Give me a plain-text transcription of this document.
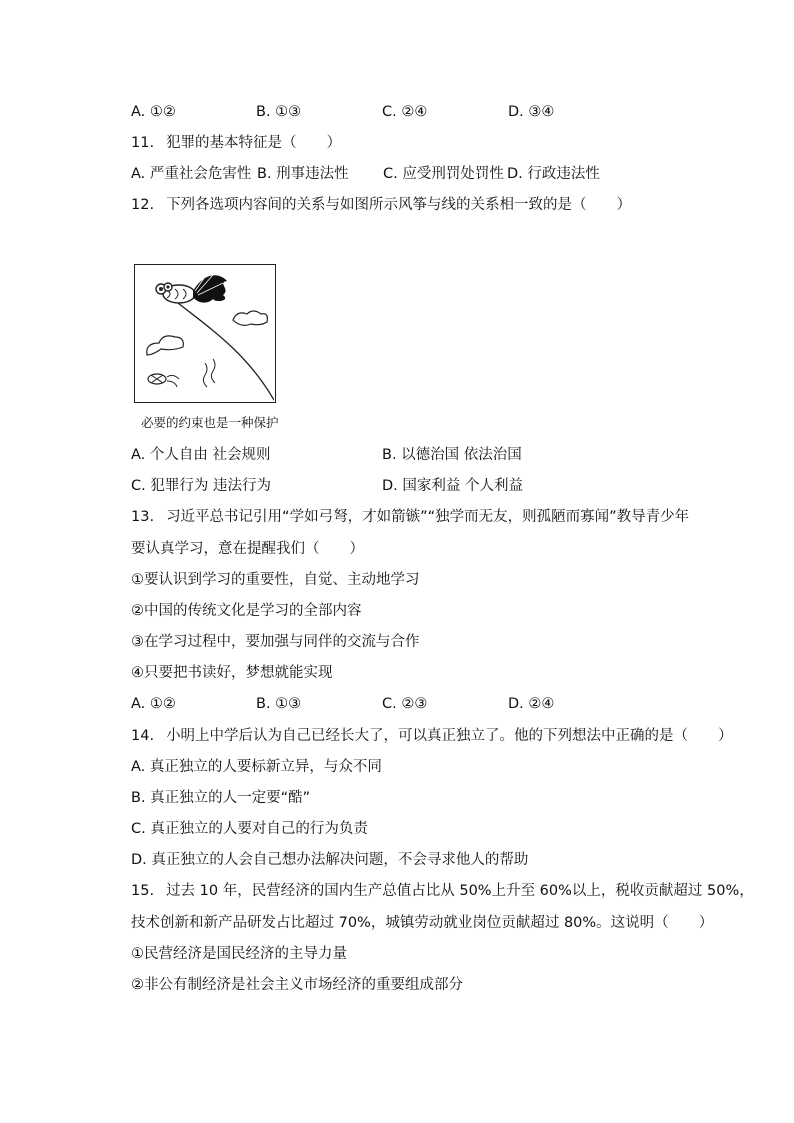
A. ①②	B. ①③	C. ②④	D. ③④
11. 犯罪的基本特征是（ ）
A. 严重社会危害性 B. 刑事违法性 C. 应受刑罚处罚性 D. 行政违法性
12. 下列各选项内容间的关系与如图所示风筝与线的关系相一致的是（ ）
必要的约束也是一种保护
A. 个人自由 社会规则	B. 以德治国 依法治国
C. 犯罪行为 违法行为	D. 国家利益 个人利益
13. 习近平总书记引用“学如弓弩，才如箭镞”“独学而无友，则孤陋而寡闻”教导青少年
要认真学习，意在提醒我们（ ）
①要认识到学习的重要性，自觉、主动地学习
②中国的传统文化是学习的全部内容
③在学习过程中，要加强与同伴的交流与合作
④只要把书读好，梦想就能实现
A. ①②	B. ①③	C. ②③	D. ②④
14. 小明上中学后认为自己已经长大了，可以真正独立了。他的下列想法中正确的是（ ）
A. 真正独立的人要标新立异，与众不同
B. 真正独立的人一定要“酷”
C. 真正独立的人要对自己的行为负责
D. 真正独立的人会自己想办法解决问题，不会寻求他人的帮助
15. 过去 10 年，民营经济的国内生产总值占比从 50%上升至 60%以上，税收贡献超过 50%，
技术创新和新产品研发占比超过 70%，城镇劳动就业岗位贡献超过 80%。这说明（ ）
①民营经济是国民经济的主导力量
②非公有制经济是社会主义市场经济的重要组成部分
